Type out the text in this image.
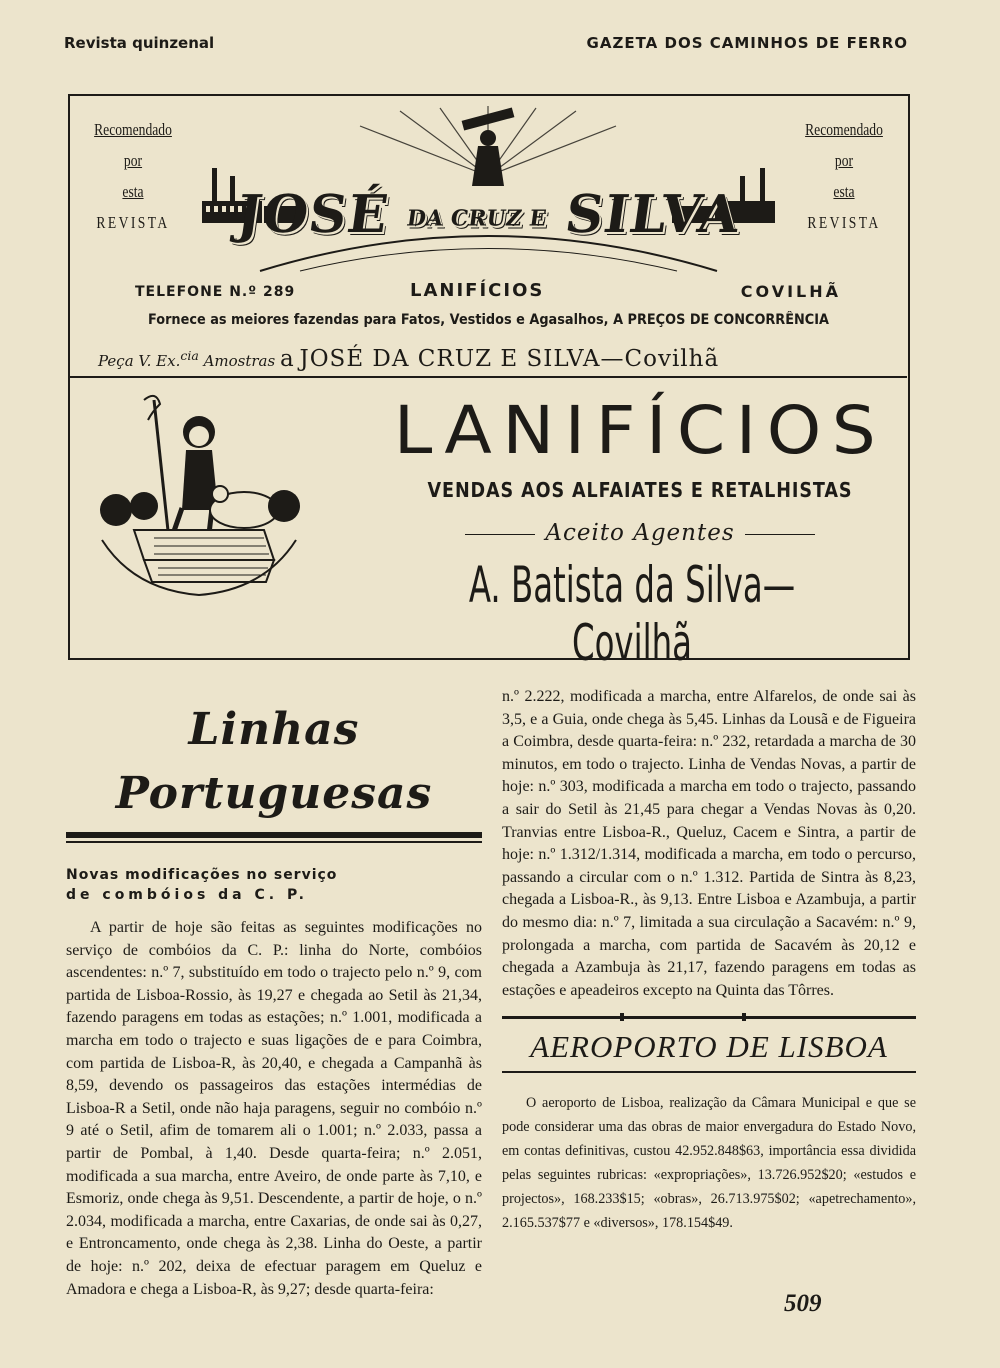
Revista quinzenal	GAZETA DOS CAMINHOS DE FERRO
Recomendado
por
esta
REVISTA
Recomendado
por
esta
REVISTA
JOSÉ DA CRUZ E SILVA
TELEFONE N.º 289	LANIFÍCIOS	COVILHÃ
Fornece as meiores fazendas para Fatos, Vestidos e Agasalhos, A PREÇOS DE CONCORRÊNCIA
Peça V. Ex.$^{cia}$ Amostras a JOSÉ DA CRUZ E SILVA—Covilhã
LANIFÍCIOS
VENDAS AOS ALFAIATES E RETALHISTAS
Aceito Agentes
A. Batista da Silva—Covilhã
Linhas Portuguesas
Novas modificações no serviço
de combóios da C. P.

A partir de hoje são feitas as seguintes modificações no serviço de combóios da C. P.: linha do Norte, combóios ascendentes: n.º 7, substituído em todo o trajecto pelo n.º 9, com partida de Lisboa-Rossio, às 19,27 e chegada ao Setil às 21,34, fazendo paragens em todas as estações; n.º 1.001, modificada a marcha em todo o trajecto e suas ligações de e para Coimbra, com partida de Lisboa-R, às 20,40, e chegada a Campanhã às 8,59, devendo os passageiros das estações intermédias de Lisboa-R a Setil, onde não haja paragens, seguir no combóio n.º 9 até o Setil, afim de tomarem ali o 1.001; n.º 2.033, passa a partir de Pombal, à 1,40. Desde quarta-feira; n.º 2.051, modificada a sua marcha, entre Aveiro, de onde parte às 7,10, e Esmoriz, onde chega às 9,51. Descendente, a partir de hoje, o n.º 2.034, modificada a marcha, entre Caxarias, de onde sai às 0,27, e Entroncamento, onde chega às 2,38. Linha do Oeste, a partir de hoje: n.º 202, deixa de efectuar paragem em Queluz e Amadora e chega a Lisboa-R, às 9,27; desde quarta-feira:

n.º 2.222, modificada a marcha, entre Alfarelos, de onde sai às 3,5, e a Guia, onde chega às 5,45. Linhas da Lousã e de Figueira a Coimbra, desde quarta-feira: n.º 232, retardada a marcha de 30 minutos, em todo o trajecto. Linha de Vendas Novas, a partir de hoje: n.º 303, modificada a marcha em todo o trajecto, passando a sair do Setil às 21,45 para chegar a Vendas Novas às 0,20. Tranvias entre Lisboa-R., Queluz, Cacem e Sintra, a partir de hoje: n.º 1.312/1.314, modificada a marcha, em todo o percurso, passando a circular com o n.º 1.312. Partida de Sintra às 8,23, chegada a Lisboa-R., às 9,13. Entre Lisboa e Azambuja, a partir do mesmo dia: n.º 7, limitada a sua circulação a Sacavém: n.º 9, prolongada a marcha, com partida de Sacavém às 20,12 e chegada a Azambuja às 21,17, fazendo paragens em todas as estações e apeadeiros excepto na Quinta das Tôrres.

AEROPORTO DE LISBOA

O aeroporto de Lisboa, realização da Câmara Municipal e que se pode considerar uma das obras de maior envergadura do Estado Novo, em contas definitivas, custou 42.952.848$63, importância essa dividida pelas seguintes rubricas: «expropriações», 13.726.952$20; «estudos e projectos», 168.233$15; «obras», 26.713.975$02; «apetrechamento», 2.165.537$77 e «diversos», 178.154$49.

509
